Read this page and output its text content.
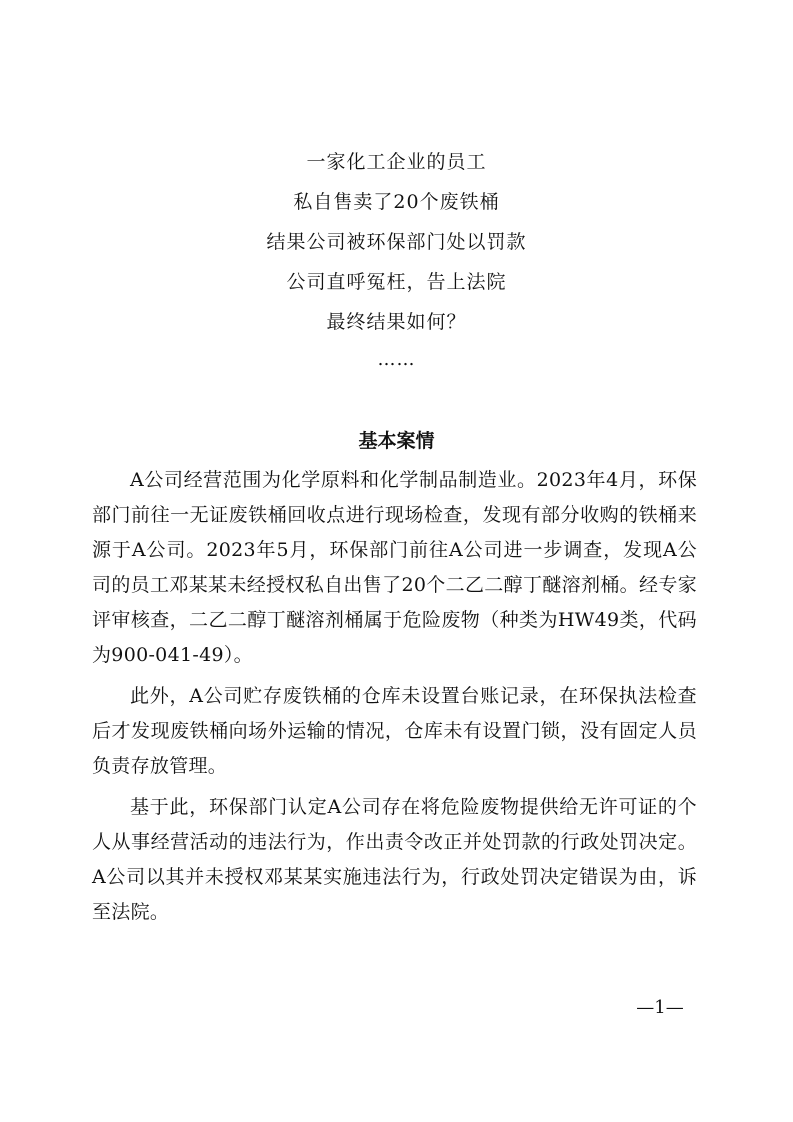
一家化工企业的员工
私自售卖了20个废铁桶
结果公司被环保部门处以罚款
公司直呼冤枉，告上法院
最终结果如何？
……
基本案情

A公司经营范围为化学原料和化学制品制造业。2023年4月，环保部门前往一无证废铁桶回收点进行现场检查，发现有部分收购的铁桶来源于A公司。2023年5月，环保部门前往A公司进一步调查，发现A公司的员工邓某某未经授权私自出售了20个二乙二醇丁醚溶剂桶。经专家评审核查，二乙二醇丁醚溶剂桶属于危险废物（种类为HW49类，代码为900-041-49）。

此外，A公司贮存废铁桶的仓库未设置台账记录，在环保执法检查后才发现废铁桶向场外运输的情况，仓库未有设置门锁，没有固定人员负责存放管理。

基于此，环保部门认定A公司存在将危险废物提供给无许可证的个人从事经营活动的违法行为，作出责令改正并处罚款的行政处罚决定。A公司以其并未授权邓某某实施违法行为，行政处罚决定错误为由，诉至法院。

—1—
